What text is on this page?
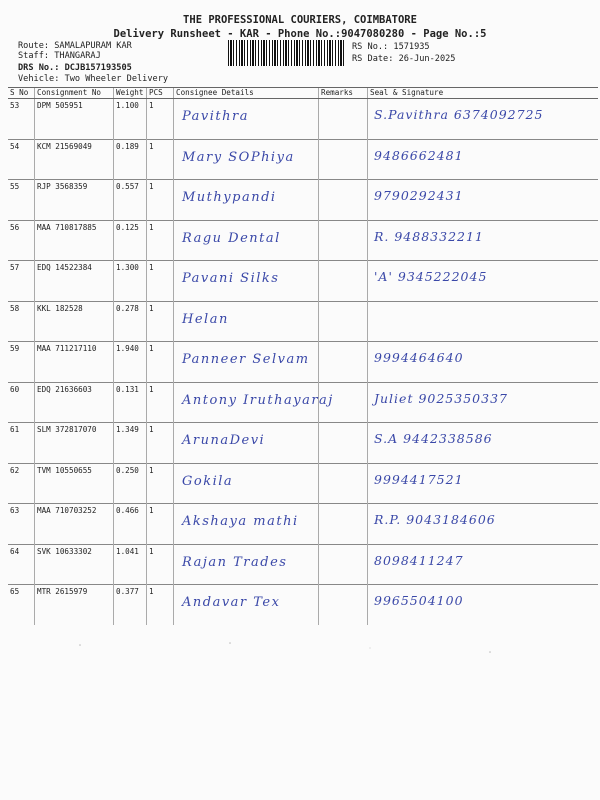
THE PROFESSIONAL COURIERS, COIMBATORE
Delivery Runsheet - KAR - Phone No.:9047080280 - Page No.:5
Route: SAMALAPURAM KAR
Staff: THANGARAJ
DRS No.: DCJB157193505
Vehicle: Two Wheeler Delivery
RS No.: 1571935
RS Date: 26-Jun-2025
S No	Consignment No	Weight	PCS	Consignee Details	Remarks	Seal & Signature
53	DPM 505951	1.100	1	Pavithra		S.Pavithra 6374092725

54	KCM 21569049	0.189	1	Mary SOPhiya		9486662481

55	RJP 3568359	0.557	1	Muthypandi		9790292431

56	MAA 710817885	0.125	1	Ragu Dental		R. 9488332211

57	EDQ 14522384	1.300	1	Pavani Silks		'A' 9345222045

58	KKL 182528	0.278	1	Helan		

59	MAA 711217110	1.940	1	Panneer Selvam		9994464640

60	EDQ 21636603	0.131	1	Antony Iruthayaraj		Juliet 9025350337

61	SLM 372817070	1.349	1	ArunaDevi		S.A 9442338586

62	TVM 10550655	0.250	1	Gokila		9994417521

63	MAA 710703252	0.466	1	Akshaya mathi		R.P. 9043184606

64	SVK 10633302	1.041	1	Rajan Trades		8098411247

65	MTR 2615979	0.377	1	Andavar Tex		9965504100
